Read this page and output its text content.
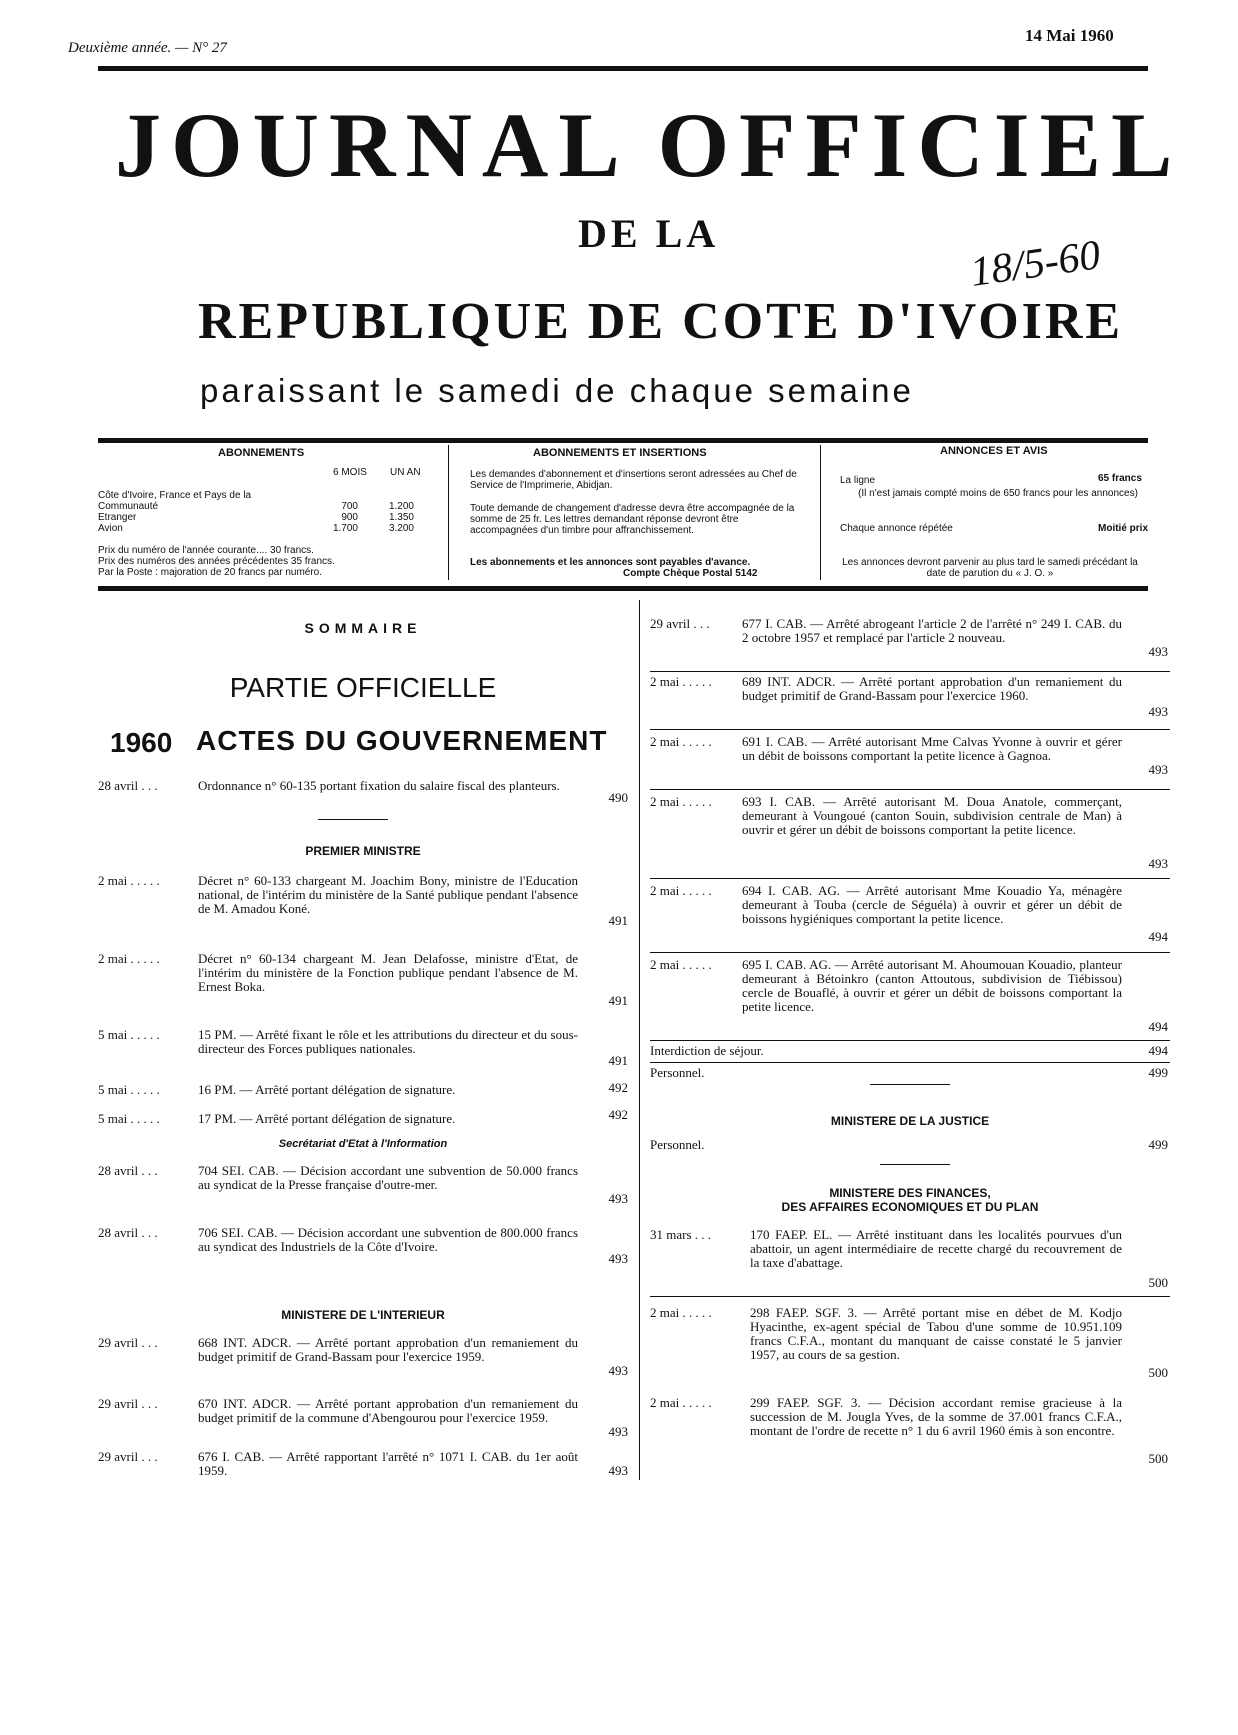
Deuxième année. — N° 27
14 Mai 1960
JOURNAL OFFICIEL
DE LA	18/5-60
REPUBLIQUE DE COTE D'IVOIRE
paraissant le samedi de chaque semaine
ABONNEMENTS
6 MOIS UN AN
Côte d'Ivoire, France et Pays de la Communauté	700	1.200
Etranger	900	1.350
Avion	1.700	3.200
Prix du numéro de l'année courante.... 30 francs.
Prix des numéros des années précédentes 35 francs.
Par la Poste : majoration de 20 francs par numéro.
ABONNEMENTS ET INSERTIONS
Les demandes d'abonnement et d'insertions seront adressées au Chef de Service de l'Imprimerie, Abidjan.
Toute demande de changement d'adresse devra être accompagnée de la somme de 25 fr. Les lettres demandant réponse devront être accompagnées d'un timbre pour affranchissement.
Les abonnements et les annonces sont payables d'avance.
Compte Chèque Postal 5142
ANNONCES ET AVIS
La ligne	65 francs
(Il n'est jamais compté moins de 650 francs pour les annonces)
Chaque annonce répétée	Moitié prix
Les annonces devront parvenir au plus tard le samedi précédant la date de parution du « J. O. »
SOMMAIRE
PARTIE OFFICIELLE
1960 ACTES DU GOUVERNEMENT
28 avril . . .	Ordonnance n° 60-135 portant fixation du salaire fiscal des planteurs.
490
PREMIER MINISTRE
2 mai . . . . .	Décret n° 60-133 chargeant M. Joachim Bony, ministre de l'Education national, de l'intérim du ministère de la Santé publique pendant l'absence de M. Amadou Koné.
491
2 mai . . . . .	Décret n° 60-134 chargeant M. Jean Delafosse, ministre d'Etat, de l'intérim du ministère de la Fonction publique pendant l'absence de M. Ernest Boka.
491
5 mai . . . . .	15 PM. — Arrêté fixant le rôle et les attributions du directeur et du sous-directeur des Forces publiques nationales.
491
5 mai . . . . .	16 PM. — Arrêté portant délégation de signature.	492
5 mai . . . . .	17 PM. — Arrêté portant délégation de signature.	492
Secrétariat d'Etat à l'Information
28 avril . . .	704 SEI. CAB. — Décision accordant une subvention de 50.000 francs au syndicat de la Presse française d'outre-mer.
493
28 avril . . .	706 SEI. CAB. — Décision accordant une subvention de 800.000 francs au syndicat des Industriels de la Côte d'Ivoire.
493
MINISTERE DE L'INTERIEUR
29 avril . . .	668 INT. ADCR. — Arrêté portant approbation d'un remaniement du budget primitif de Grand-Bassam pour l'exercice 1959.
493
29 avril . . .	670 INT. ADCR. — Arrêté portant approbation d'un remaniement du budget primitif de la commune d'Abengourou pour l'exercice 1959.
493
29 avril . . .	676 I. CAB. — Arrêté rapportant l'arrêté n° 1071 I. CAB. du 1er août 1959.	493
29 avril . . . 677 I. CAB. — Arrêté abrogeant l'article 2 de l'arrêté n° 249 I. CAB. du 2 octobre 1957 et remplacé par l'article 2 nouveau.
493
2 mai . . . . . 689 INT. ADCR. — Arrêté portant approbation d'un remaniement du budget primitif de Grand-Bassam pour l'exercice 1960.
493
2 mai . . . . . 691 I. CAB. — Arrêté autorisant Mme Calvas Yvonne à ouvrir et gérer un débit de boissons comportant la petite licence à Gagnoa.
493
2 mai . . . . . 693 I. CAB. — Arrêté autorisant M. Doua Anatole, commerçant, demeurant à Voungoué (canton Souin, subdivision centrale de Man) à ouvrir et gérer un débit de boissons comportant la petite licence.
493
2 mai . . . . . 694 I. CAB. AG. — Arrêté autorisant Mme Kouadio Ya, ménagère demeurant à Touba (cercle de Séguéla) à ouvrir et gérer un débit de boissons hygiéniques comportant la petite licence.
494
2 mai . . . . . 695 I. CAB. AG. — Arrêté autorisant M. Ahoumouan Kouadio, planteur demeurant à Bétoinkro (canton Attoutous, subdivision de Tiébissou) cercle de Bouaflé, à ouvrir et gérer un débit de boissons comportant la petite licence.
494
Interdiction de séjour.	494
Personnel.	499
MINISTERE DE LA JUSTICE
Personnel.	499
MINISTERE DES FINANCES,
DES AFFAIRES ECONOMIQUES ET DU PLAN
31 mars . . .	170 FAEP. EL. — Arrêté instituant dans les localités pourvues d'un abattoir, un agent intermédiaire de recette chargé du recouvrement de la taxe d'abattage.
500
2 mai . . . . .	298 FAEP. SGF. 3. — Arrêté portant mise en débet de M. Kodjo Hyacinthe, ex-agent spécial de Tabou d'une somme de 10.951.109 francs C.F.A., montant du manquant de caisse constaté le 5 janvier 1957, au cours de sa gestion.
500
2 mai . . . . .	299 FAEP. SGF. 3. — Décision accordant remise gracieuse à la succession de M. Jougla Yves, de la somme de 37.001 francs C.F.A., montant de l'ordre de recette n° 1 du 6 avril 1960 émis à son encontre.
500
